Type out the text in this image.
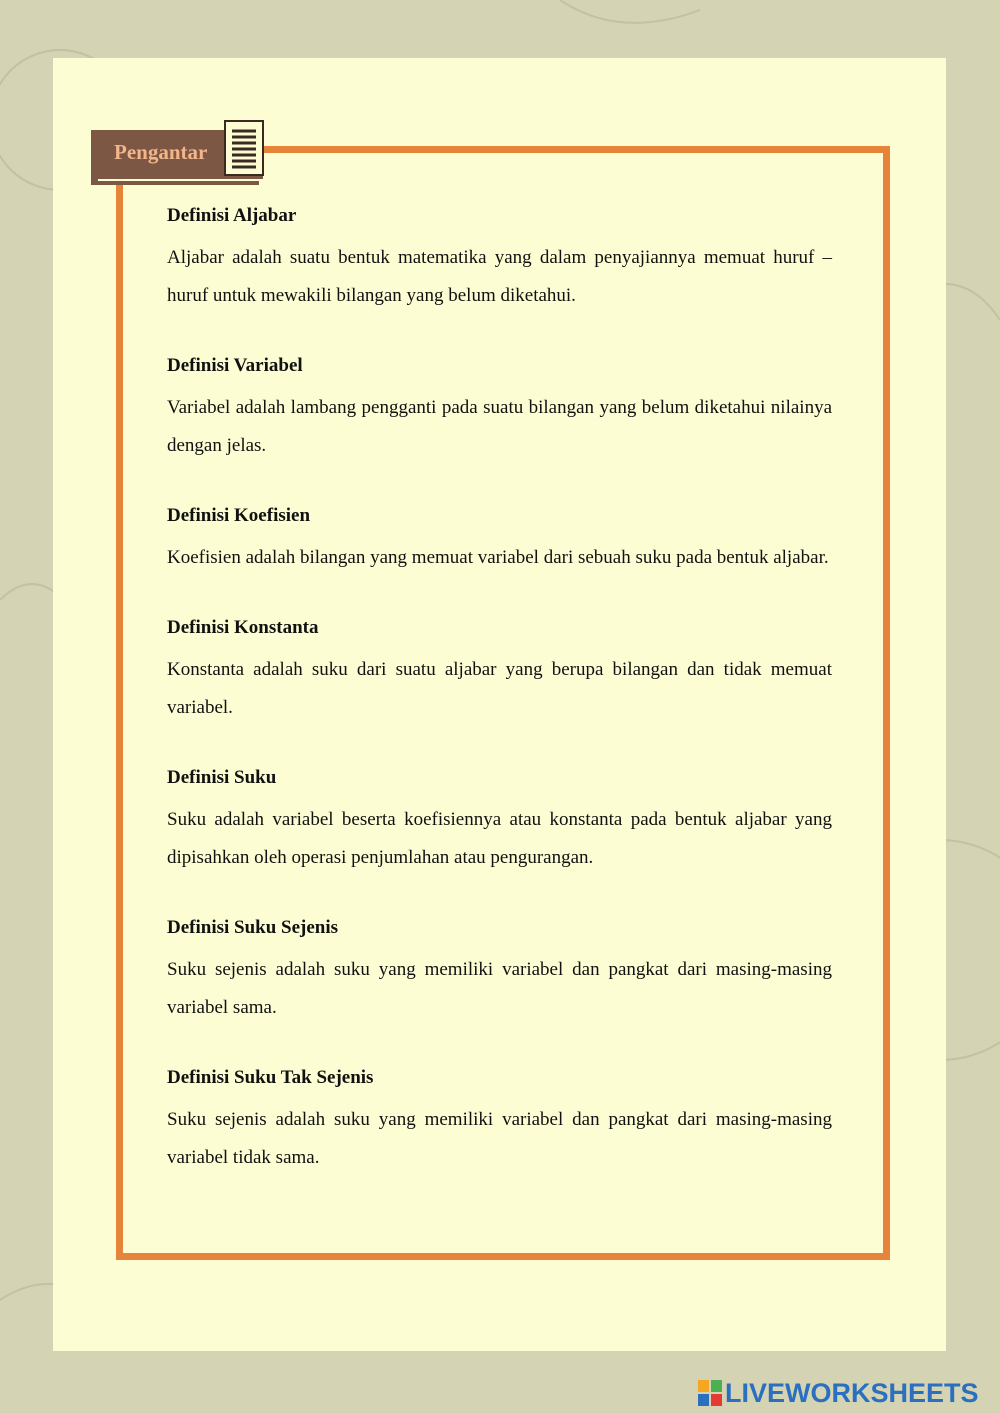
Pengantar
Definisi Aljabar

Aljabar adalah suatu bentuk matematika yang dalam penyajiannya memuat huruf – huruf untuk mewakili bilangan yang belum diketahui.

Definisi Variabel

Variabel adalah lambang pengganti pada suatu bilangan yang belum diketahui nilainya dengan jelas.

Definisi Koefisien

Koefisien adalah bilangan yang memuat variabel dari sebuah suku pada bentuk aljabar.

Definisi Konstanta

Konstanta adalah suku dari suatu aljabar yang berupa bilangan dan tidak memuat variabel.

Definisi Suku

Suku adalah variabel beserta koefisiennya atau konstanta pada bentuk aljabar yang dipisahkan oleh operasi penjumlahan atau pengurangan.

Definisi Suku Sejenis

Suku sejenis adalah suku yang memiliki variabel dan pangkat dari masing-masing variabel sama.

Definisi Suku Tak Sejenis

Suku sejenis adalah suku yang memiliki variabel dan pangkat dari masing-masing variabel tidak sama.

LIVEWORKSHEETS
